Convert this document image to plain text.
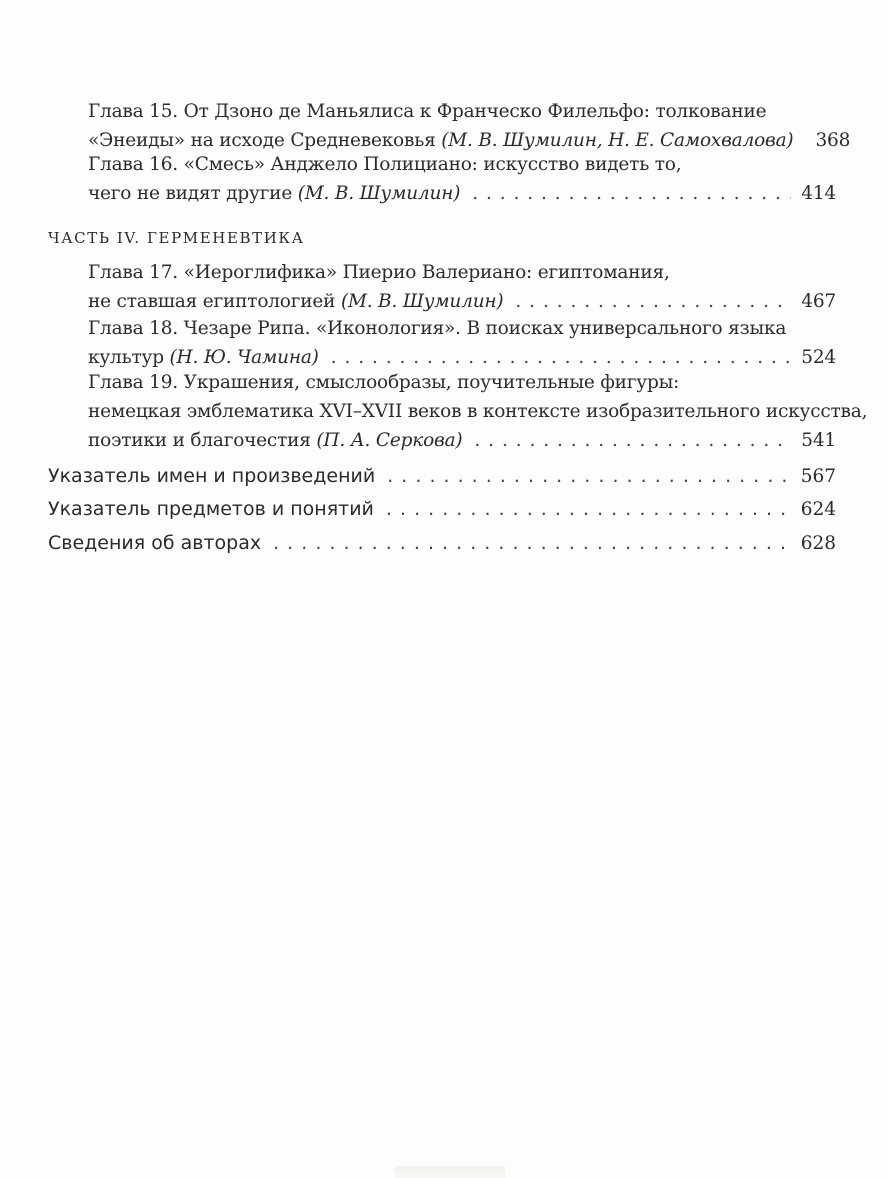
Глава 15. От Дзоно де Маньялиса к Франческо Филельфо: толкование
«Энеиды» на исходе Средневековья (М. В. Шумилин, Н. Е. Самохвалова) 368
Глава 16. «Смесь» Анджело Полициано: искусство видеть то,
чего не видят другие (М. В. Шумилин) . . .	414
ЧАСТЬ IV. ГЕРМЕНЕВТИКА
Глава 17. «Иероглифика» Пиерио Валериано: египтомания,
не ставшая египтологией (М. В. Шумилин) . . .	467
Глава 18. Чезаре Рипа. «Иконология». В поисках универсального языка
культур (Н. Ю. Чамина) . . .	524
Глава 19. Украшения, смыслообразы, поучительные фигуры:
немецкая эмблематика XVI–XVII веков в контексте изобразительного искусства,
поэтики и благочестия (П. А. Серкова) . . .	541
Указатель имен и произведений . . .	567
Указатель предметов и понятий . . .	624
Сведения об авторах . . .	628
